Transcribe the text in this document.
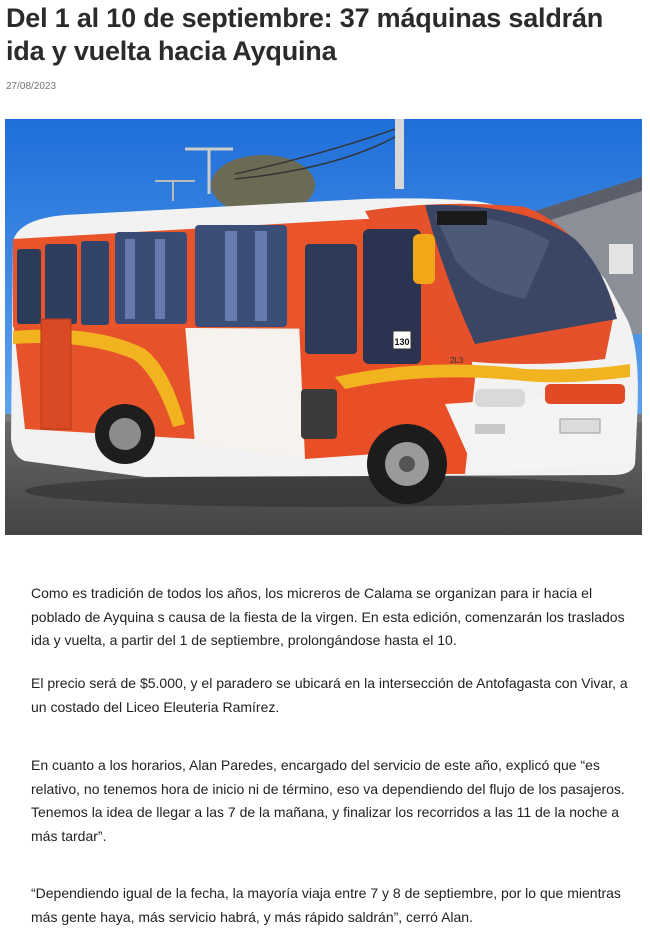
Del 1 al 10 de septiembre: 37 máquinas saldrán ida y vuelta hacia Ayquina
27/08/2023
130
2L3

Como es tradición de todos los años, los micreros de Calama se organizan para ir hacia el poblado de Ayquina s causa de la fiesta de la virgen. En esta edición, comenzarán los traslados ida y vuelta, a partir del 1 de septiembre, prolongándose hasta el 10.

El precio será de $5.000, y el paradero se ubicará en la intersección de Antofagasta con Vivar, a un costado del Liceo Eleuteria Ramírez.

En cuanto a los horarios, Alan Paredes, encargado del servicio de este año, explicó que “es relativo, no tenemos hora de inicio ni de término, eso va dependiendo del flujo de los pasajeros. Tenemos la idea de llegar a las 7 de la mañana, y finalizar los recorridos a las 11 de la noche a más tardar”.

“Dependiendo igual de la fecha, la mayoría viaja entre 7 y 8 de septiembre, por lo que mientras más gente haya, más servicio habrá, y más rápido saldrán”, cerró Alan.
